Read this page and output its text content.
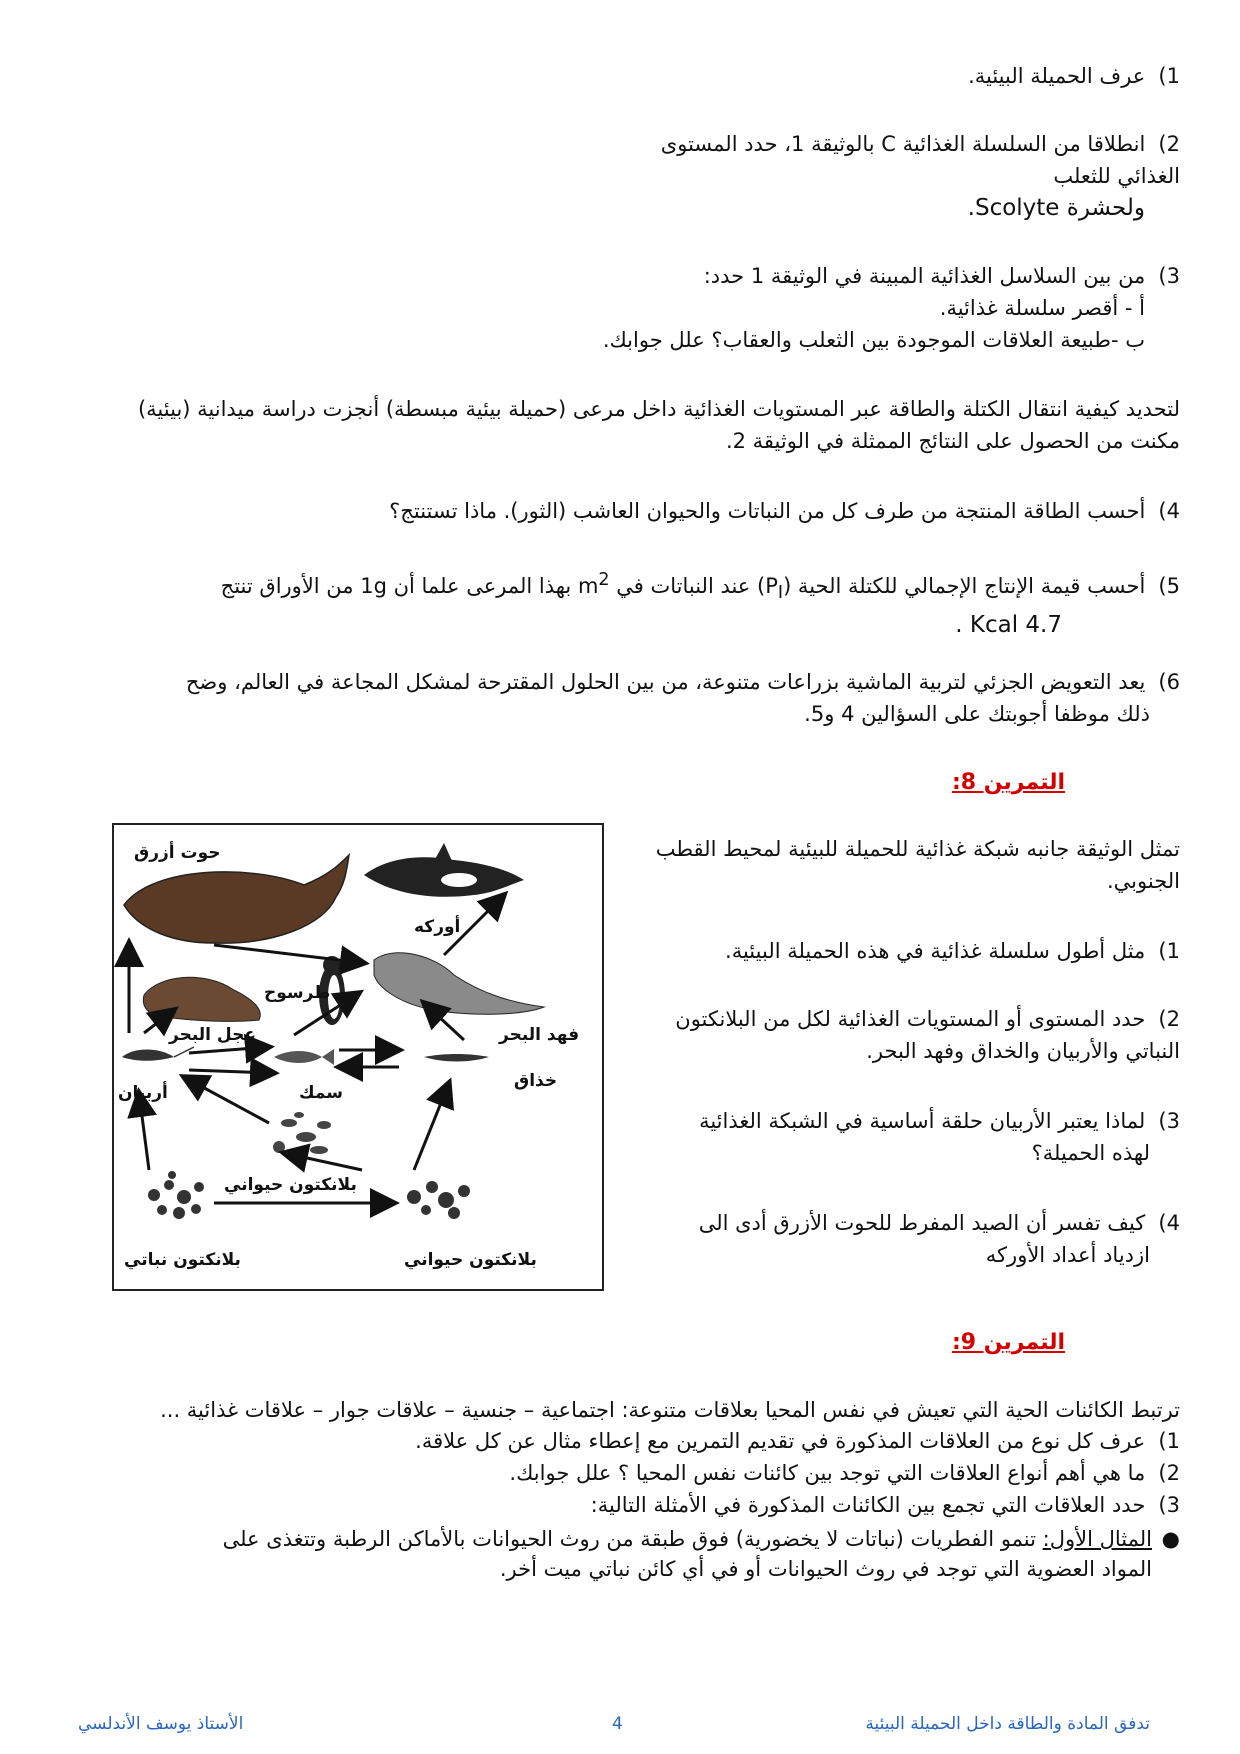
1) عرف الحميلة البيئية.
2) انطلاقا من السلسلة الغذائية C بالوثيقة 1، حدد المستوى
الغذائي للثعلب
ولحشرة Scolyte.
3) من بين السلاسل الغذائية المبينة في الوثيقة 1 حدد:
أ - أقصر سلسلة غذائية.
ب -طبيعة العلاقات الموجودة بين الثعلب والعقاب؟ علل جوابك.
لتحديد كيفية انتقال الكتلة والطاقة عبر المستويات الغذائية داخل مرعى (حميلة بيئية مبسطة) أنجزت دراسة ميدانية (بيئية)
مكنت من الحصول على النتائج الممثلة في الوثيقة 2.
4) أحسب الطاقة المنتجة من طرف كل من النباتات والحيوان العاشب (الثور). ماذا تستنتج؟
5) أحسب قيمة الإنتاج الإجمالي للكتلة الحية $(P_I)$ عند النباتات في $m^2$ بهذا المرعى علما أن 1g من الأوراق تنتج
4.7 Kcal .
6) يعد التعويض الجزئي لتربية الماشية بزراعات متنوعة، من بين الحلول المقترحة لمشكل المجاعة في العالم، وضح
ذلك موظفا أجوبتك على السؤالين 4 و5.
التمرين 8:
تمثل الوثيقة جانبه شبكة غذائية للحميلة للبيئية لمحيط القطب
الجنوبي.
1) مثل أطول سلسلة غذائية في هذه الحميلة البيئية.
2) حدد المستوى أو المستويات الغذائية لكل من البلانكتون
النباتي والأربيان والخداق وفهد البحر.
3) لماذا يعتبر الأربيان حلقة أساسية في الشبكة الغذائية
لهذه الحميلة؟
4) كيف تفسر أن الصيد المفرط للحوت الأزرق أدى الى
ازدياد أعداد الأوركه
حوت أزرق
أوركه
طرسوح
عجل البحر	فهد البحر
أربيان	سمك
خذاق
بلانكتون حيواني
بلانكتون نباتي	بلانكتون حيواني
التمرين 9:
ترتبط الكائنات الحية التي تعيش في نفس المحيا بعلاقات متنوعة: اجتماعية – جنسية – علاقات جوار – علاقات غذائية ...
1) عرف كل نوع من العلاقات المذكورة في تقديم التمرين مع إعطاء مثال عن كل علاقة.
2) ما هي أهم أنواع العلاقات التي توجد بين كائنات نفس المحيا ؟ علل جوابك.
3) حدد العلاقات التي تجمع بين الكائنات المذكورة في الأمثلة التالية:
●المثال الأول: تنمو الفطريات (نباتات لا يخضورية) فوق طبقة من روث الحيوانات بالأماكن الرطبة وتتغذى على
المواد العضوية التي توجد في روث الحيوانات أو في أي كائن نباتي ميت أخر.
تدفق المادة والطاقة داخل الحميلة البيئية
4
الأستاذ يوسف الأندلسي
